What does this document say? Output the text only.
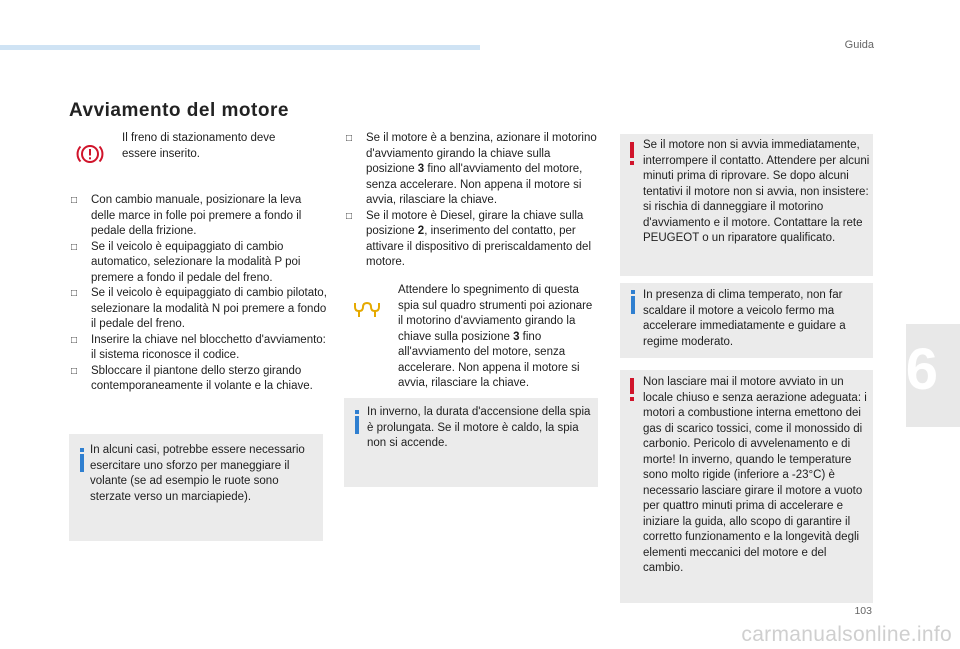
Guida
6
Avviamento del motore
Il freno di stazionamento deve essere inserito.
□ Con cambio manuale, posizionare la leva delle marce in folle poi premere a fondo il pedale della frizione.
□ Se il veicolo è equipaggiato di cambio automatico, selezionare la modalità P poi premere a fondo il pedale del freno.
□ Se il veicolo è equipaggiato di cambio pilotato, selezionare la modalità N poi premere a fondo il pedale del freno.
□ Inserire la chiave nel blocchetto d'avviamento: il sistema riconosce il codice.
□ Sbloccare il piantone dello sterzo girando contemporaneamente il volante e la chiave.
In alcuni casi, potrebbe essere necessario esercitare uno sforzo per maneggiare il volante (se ad esempio le ruote sono sterzate verso un marciapiede).
□ Se il motore è a benzina, azionare il motorino d'avviamento girando la chiave sulla posizione 3 fino all'avviamento del motore, senza accelerare. Non appena il motore si avvia, rilasciare la chiave.
□ Se il motore è Diesel, girare la chiave sulla posizione 2, inserimento del contatto, per attivare il dispositivo di preriscaldamento del motore.
Attendere lo spegnimento di questa spia sul quadro strumenti poi azionare il motorino d'avviamento girando la chiave sulla posizione 3 fino all'avviamento del motore, senza accelerare. Non appena il motore si avvia, rilasciare la chiave.
In inverno, la durata d'accensione della spia è prolungata. Se il motore è caldo, la spia non si accende.
Se il motore non si avvia immediatamente, interrompere il contatto. Attendere per alcuni minuti prima di riprovare. Se dopo alcuni tentativi il motore non si avvia, non insistere: si rischia di danneggiare il motorino d'avviamento e il motore. Contattare la rete PEUGEOT o un riparatore qualificato.
In presenza di clima temperato, non far scaldare il motore a veicolo fermo ma accelerare immediatamente e guidare a regime moderato.
Non lasciare mai il motore avviato in un locale chiuso e senza aerazione adeguata: i motori a combustione interna emettono dei gas di scarico tossici, come il monossido di carbonio. Pericolo di avvelenamento e di morte! In inverno, quando le temperature sono molto rigide (inferiore a -23°C) è necessario lasciare girare il motore a vuoto per quattro minuti prima di accelerare e iniziare la guida, allo scopo di garantire il corretto funzionamento e la longevità degli elementi meccanici del motore e del cambio.
103
carmanualsonline.info
